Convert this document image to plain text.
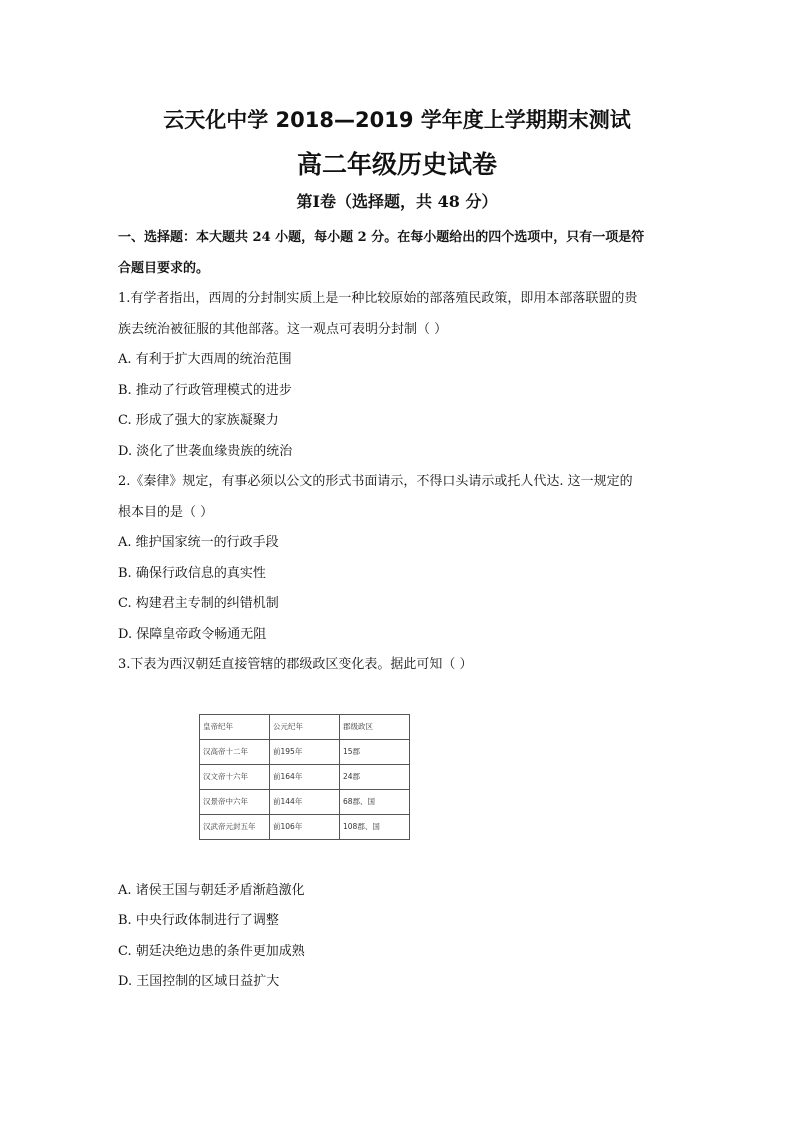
云天化中学 2018—2019 学年度上学期期末测试
高二年级历史试卷
第Ⅰ卷（选择题，共 48 分）
一、选择题：本大题共 24 小题，每小题 2 分。在每小题给出的四个选项中，只有一项是符
合题目要求的。

1.有学者指出，西周的分封制实质上是一种比较原始的部落殖民政策，即用本部落联盟的贵

族去统治被征服的其他部落。这一观点可表明分封制（ ）

A. 有利于扩大西周的统治范围

B. 推动了行政管理模式的进步

C. 形成了强大的家族凝聚力

D. 淡化了世袭血缘贵族的统治

2.《秦律》规定，有事必须以公文的形式书面请示，不得口头请示或托人代达. 这一规定的

根本目的是（ ）

A. 维护国家统一的行政手段

B. 确保行政信息的真实性

C. 构建君主专制的纠错机制

D. 保障皇帝政令畅通无阻

3.下表为西汉朝廷直接管辖的郡级政区变化表。据此可知（ ）

皇帝纪年	公元纪年	郡级政区
汉高帝十二年	前195年	15郡
汉文帝十六年	前164年	24郡
汉景帝中六年	前144年	68郡、国
汉武帝元封五年	前106年	108郡、国

A. 诸侯王国与朝廷矛盾渐趋激化

B. 中央行政体制进行了调整

C. 朝廷决绝边患的条件更加成熟

D. 王国控制的区域日益扩大
